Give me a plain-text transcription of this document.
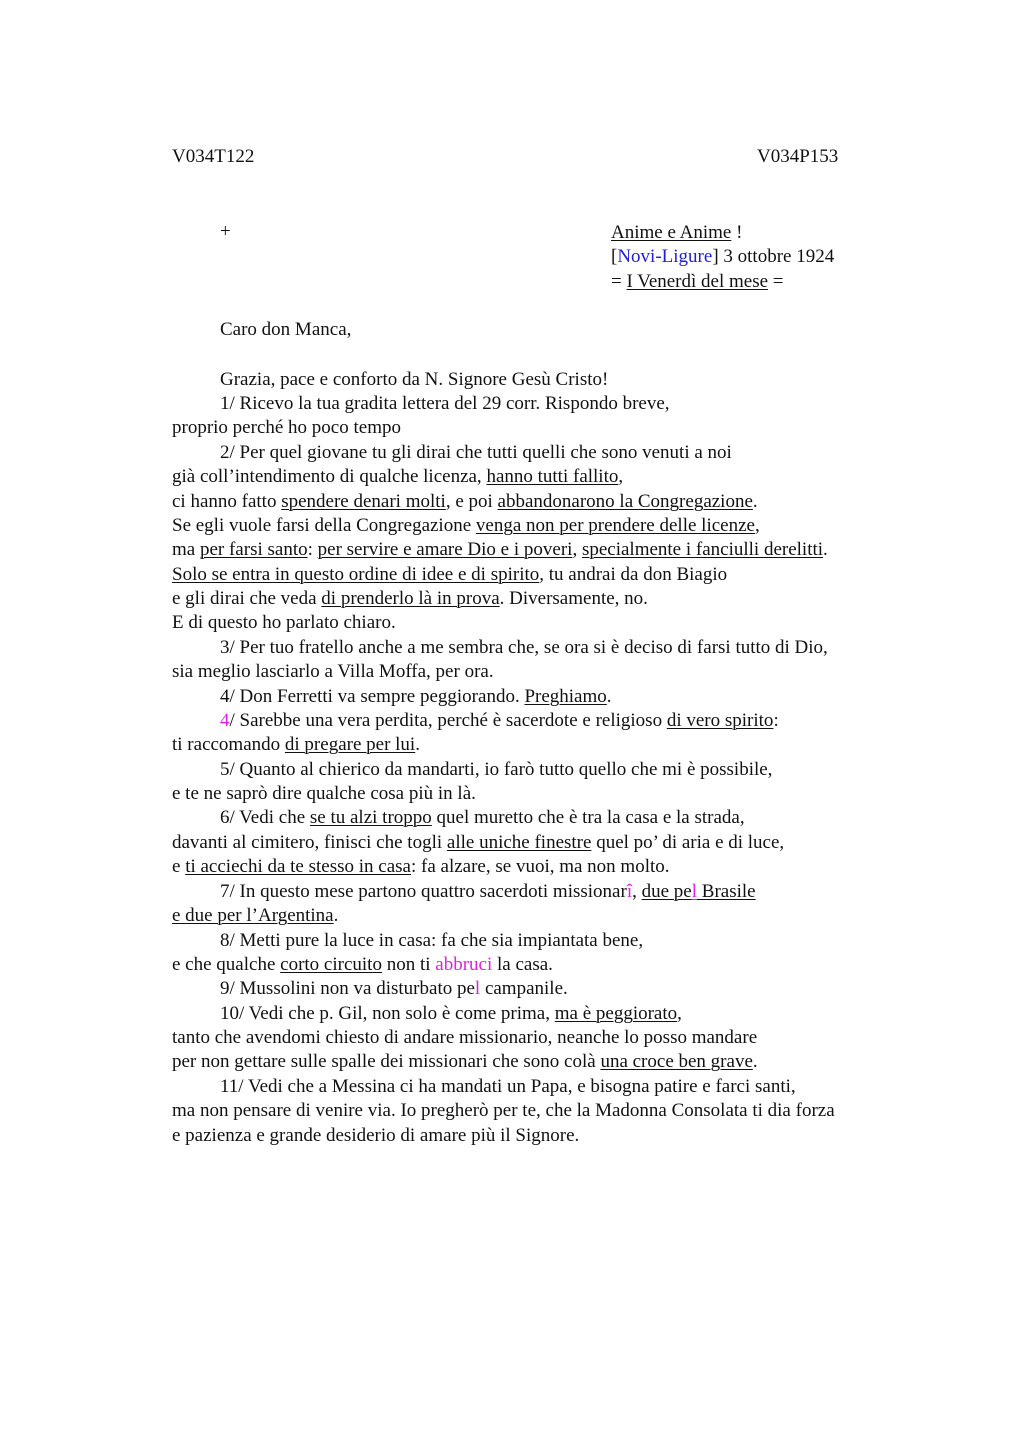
V034T122	V034P153
+	Anime e Anime !
[Novi-Ligure] 3 ottobre 1924
= I Venerdì del mese =
Caro don Manca,
Grazia, pace e conforto da N. Signore Gesù Cristo!
1/ Ricevo la tua gradita lettera del 29 corr. Rispondo breve,
proprio perché ho poco tempo
2/ Per quel giovane tu gli dirai che tutti quelli che sono venuti a noi
già coll’intendimento di qualche licenza, hanno tutti fallito,
ci hanno fatto spendere denari molti, e poi abbandonarono la Congregazione.
Se egli vuole farsi della Congregazione venga non per prendere delle licenze,
ma per farsi santo: per servire e amare Dio e i poveri, specialmente i fanciulli derelitti.
Solo se entra in questo ordine di idee e di spirito, tu andrai da don Biagio
e gli dirai che veda di prenderlo là in prova. Diversamente, no.
E di questo ho parlato chiaro.
3/ Per tuo fratello anche a me sembra che, se ora si è deciso di farsi tutto di Dio,
sia meglio lasciarlo a Villa Moffa, per ora.
4/ Don Ferretti va sempre peggiorando. Preghiamo.
4/ Sarebbe una vera perdita, perché è sacerdote e religioso di vero spirito:
ti raccomando di pregare per lui.
5/ Quanto al chierico da mandarti, io farò tutto quello che mi è possibile,
e te ne saprò dire qualche cosa più in là.
6/ Vedi che se tu alzi troppo quel muretto che è tra la casa e la strada,
davanti al cimitero, finisci che togli alle uniche finestre quel po’ di aria e di luce,
e ti acciechi da te stesso in casa: fa alzare, se vuoi, ma non molto.
7/ In questo mese partono quattro sacerdoti missionarî, due pel Brasile
e due per l’Argentina.
8/ Metti pure la luce in casa: fa che sia impiantata bene,
e che qualche corto circuito non ti abbruci la casa.
9/ Mussolini non va disturbato pel campanile.
10/ Vedi che p. Gil, non solo è come prima, ma è peggiorato,
tanto che avendomi chiesto di andare missionario, neanche lo posso mandare
per non gettare sulle spalle dei missionari che sono colà una croce ben grave.
11/ Vedi che a Messina ci ha mandati un Papa, e bisogna patire e farci santi,
ma non pensare di venire via. Io pregherò per te, che la Madonna Consolata ti dia forza
e pazienza e grande desiderio di amare più il Signore.
